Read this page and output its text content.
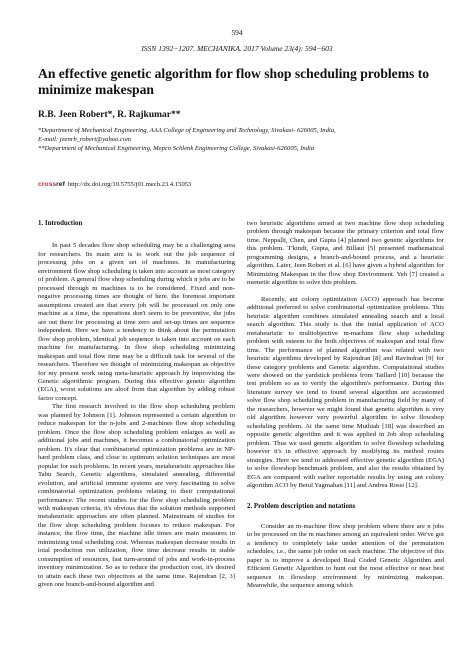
594
ISSN 1392−1207. MECHANIKA. 2017 Volume 23(4): 594−603
An effective genetic algorithm for flow shop scheduling problems to minimize makespan
R.B. Jeen Robert*, R. Rajkumar**
*Department of Mechanical Engineering, AAA College of Engineering and Technology, Sivakasi- 626005, India,
E-mail: jeenrb_robert@yahoo.com
**Department of Mechanical Engineering, Mepco Schlenk Engineering College, Sivakasi-626005, India
crossref http://dx.doi.org/10.5755/j01.mech.23.4.15053
1. Introduction

In past 5 decades flow shop scheduling may be a challenging area for researchers. Its main aim is to work out the job sequence of processing jobs on a given set of machines. In manufacturing environment flow shop scheduling is taken into account as most category of problem. A general flow shop scheduling during which n jobs are to be processed through m machines is to be considered. Fixed and non-negative processing times are thought of here. the foremost important assumptions created are that every job will be processed on only one machine at a time, the operations don't seem to be preventive, the jobs are out there for processing at time zero and set-up times are sequence independent. Here we have a tendency to think about the permutation flow shop problem, identical job sequence is taken into account on each machine for manufacturing. In flow shop scheduling minimizing makespan and total flow time may be a difficult task for several of the researchers. Therefore we thought of minimizing makespan as objective for my present work using meta-heuristic approach by improvising the Genetic algorithmic program. During this effective genetic algorithm (EGA), worst solutions are aloof from that algorithm by adding robust factor concept.

The first research involved to the flow shop scheduling problem was planned by Johnson [1]. Johnson represented a certain algorithm to reduce makespan for the n-jobs and 2-machines flow shop scheduling problem. Once the flow shop scheduling problem enlarges as well as additional jobs and machines, it becomes a combinatorial optimization problem. It's clear that combinatorial optimization problems are in NP-hard problem class, and close to optimum solution techniques are most popular for such problems. In recent years, metaheuristic approaches like Tabu Search, Genetic algorithms, simulated annealing, differential evolution, and artificial immune systems are very fascinating to solve combinatorial optimization problems relating to their computational performance. The recent studies for the flow shop scheduling problem with makespan criteria, it's obvious that the solution methods supported metaheuristic approaches are often planned. Mainstream of studies for the flow shop scheduling problem focuses to reduce makespan. For instance, the flow time, the machine idle times are main measures in minimizing total scheduling cost. Whereas makespan decrease results in total production run utilization, flow time decrease results in stable consumption of resources, fast turn-around of jobs and work-in-process inventory minimization. So as to reduce the production cost, it's desired to attain each these two objectives at the same time. Rajendran [2, 3] given one branch-and-bound algorithm and

two heuristic algorithms aimed at two machine flow shop scheduling problem through makespan because the primary criterion and total flow time. Neppalli, Chen, and Gupta [4] planned two genetic algorithms for this problem. T'kindt, Gupta, and Billaut [5] presented mathematical programming designs, a branch-and-bound process, and a heuristic algorithm. Later, Jeen Robert et al. [6] have given a hybrid algorithm for Minimizing Makespan in the flow shop Environment. Yeh [7] created a memetic algorithm to solve this problem.

Recently, ant colony optimization (ACO) approach has become additional preferred to solve combinatorial optimization problems. This heuristic algorithm combines simulated annealing search and a local search algorithm. This study is that the initial application of ACO metaheuristic to multiobjective m-machine flow shop scheduling problem with esteem to the both objectives of makespan and total flow time. The performance of planned algorithm was related with two heuristic algorithms developed by Rajendran [8] and Ravindran [9] for these category problems and Genetic algorithm. Computational studies were showed on the yardstick problems from Taillard [10] because the test problem so as to verify the algorithm's performance. During this literature survey we tend to found several algorithm are accustomed solve flow shop scheduling problem in manufacturing field by many of the researchers, however we might found that genetic algorithm is very old algorithm however very powerful algorithm to solve flowshop scheduling problem. At the same time Muthiah [18] was described an opposite genetic algorithm and it was applied in Job shop scheduling problem. Thus we used genetic algorithm to solve flowshop scheduling however it's in effective approach by modifying its method routes strategies. Here we tend to addressed effective genetic algorithm (EGA) to solve flowshop benchmark problem, and also the results obtained by EGA are compared with earlier reportable results by using ant colony algorithm ACO by Betul Yagmahan [11] and Andrea Rossi [12].

2. Problem description and notations

Consider an m-machine flow shop problem where there are n jobs to be processed on the m machines among an equivalent order. We've got a tendency to completely take under attention of the permutation schedules, i.e., the same job order on each machine. The objective of this paper is to improve a developed Real Coded Genetic Algorithm and Efficient Genetic Algorithm to hunt out the most effective or near best sequence in flowshop environment by minimizing makespan. Meanwhile, the sequence among which
